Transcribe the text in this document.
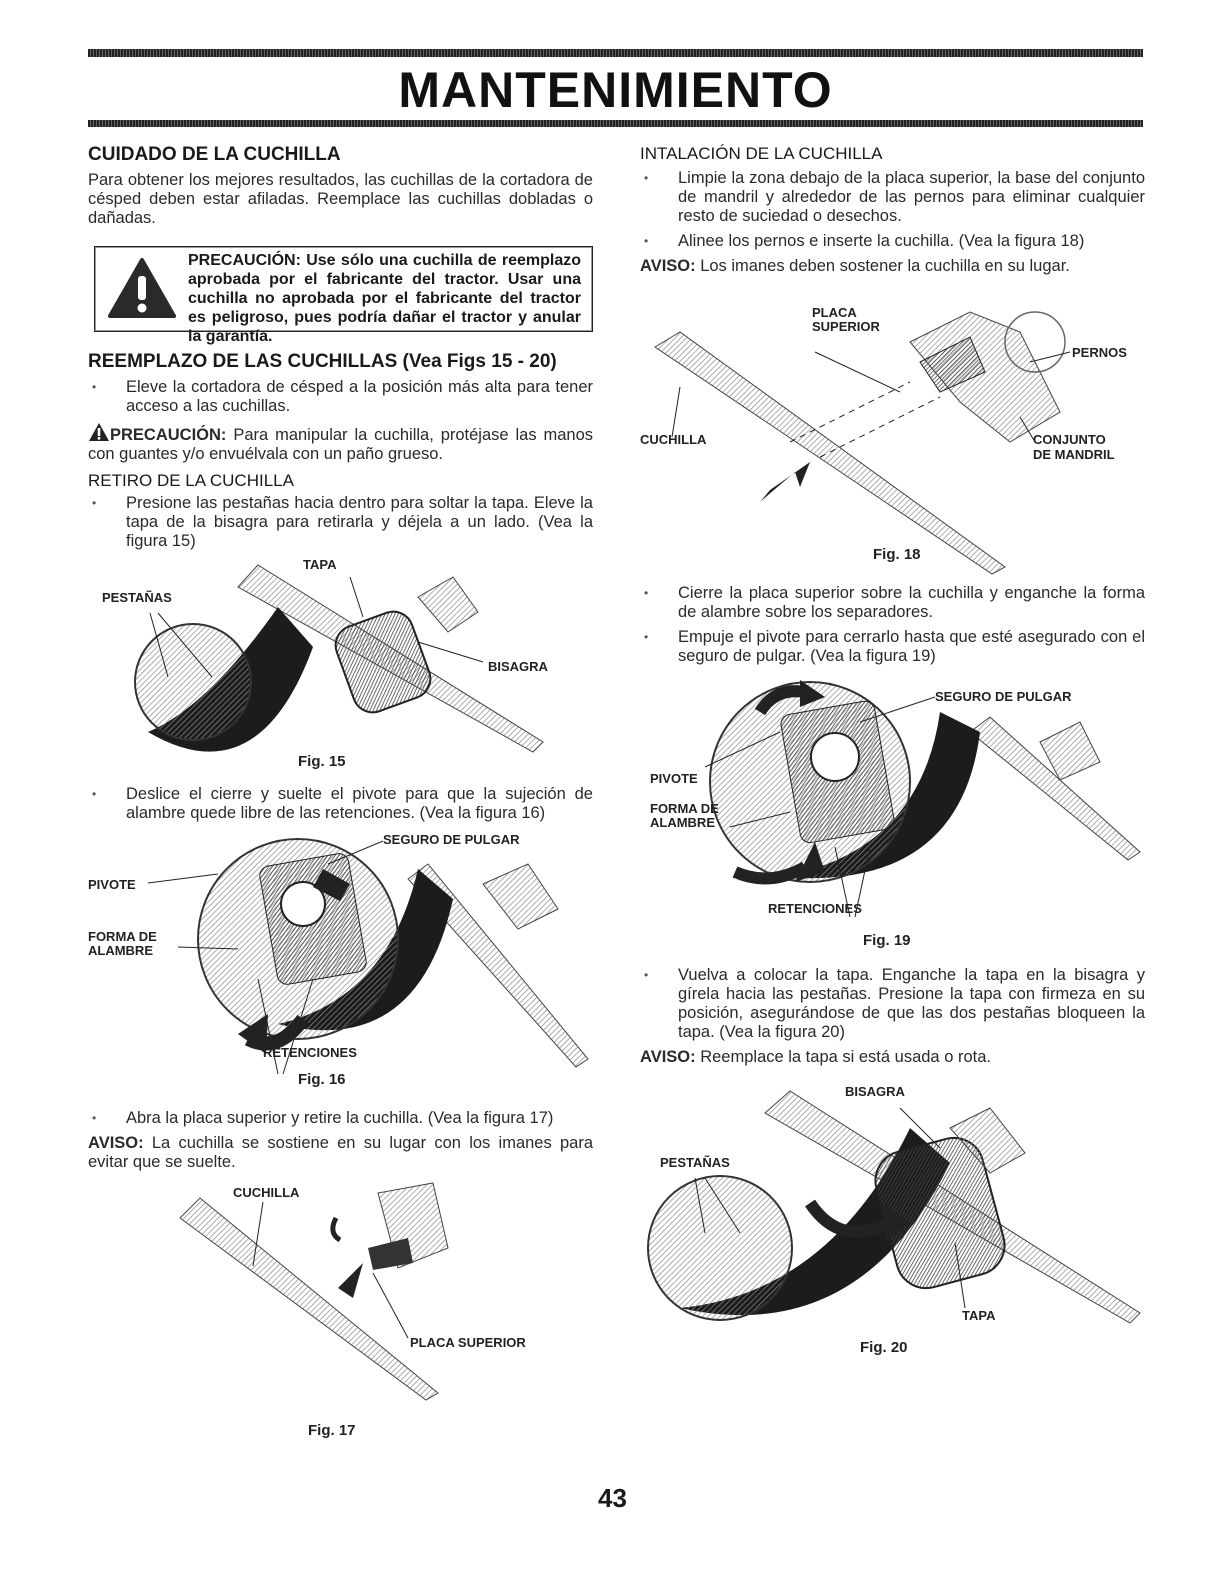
MANTENIMIENTO
CUIDADO DE LA CUCHILLA

Para obtener los mejores resultados, las cuchillas de la cortadora de césped deben estar afiladas. Reemplace las cuchillas dobladas o dañadas.

PRECAUCIÓN: Use sólo una cuchilla de reemplazo aprobada por el fabricante del tractor. Usar una cuchilla no aprobada por el fabricante del tractor es peligroso, pues podría dañar el tractor y anular la garantía.
REEMPLAZO DE LAS CUCHILLAS (Vea Figs 15 - 20)
• Eleve la cortadora de césped a la posición más alta para tener acceso a las cuchillas.

PRECAUCIÓN: Para manipular la cuchilla, protéjase las manos con guantes y/o envuélvala con un paño grueso.

RETIRO DE LA CUCHILLA
• Presione las pestañas hacia dentro para soltar la tapa. Eleve la tapa de la bisagra para retirarla y déjela a un lado. (Vea la figura 15)
TAPA
PESTAÑAS
BISAGRA
Fig. 15
• Deslice el cierre y suelte el pivote para que la sujeción de alambre quede libre de las retenciones. (Vea la figura 16)
SEGURO DE PULGAR
PIVOTE
FORMA DE
ALAMBRE
RETENCIONES
Fig. 16
• Abra la placa superior y retire la cuchilla. (Vea la figura 17)

AVISO: La cuchilla se sostiene en su lugar con los imanes para evitar que se suelte.

CUCHILLA
PLACA SUPERIOR
Fig. 17
INTALACIÓN DE LA CUCHILLA
• Limpie la zona debajo de la placa superior, la base del conjunto de mandril y alrededor de las pernos para eliminar cualquier resto de suciedad o desechos.
• Alinee los pernos e inserte la cuchilla. (Vea la figura 18)

AVISO: Los imanes deben sostener la cuchilla en su lugar.

PLACA
SUPERIOR
PERNOS
CUCHILLA	CONJUNTO
DE MANDRIL
Fig. 18
• Cierre la placa superior sobre la cuchilla y enganche la forma de alambre sobre los separadores.
• Empuje el pivote para cerrarlo hasta que esté asegurado con el seguro de pulgar. (Vea la figura 19)
SEGURO DE PULGAR
PIVOTE
FORMA DE
ALAMBRE
RETENCIONES
Fig. 19
• Vuelva a colocar la tapa. Enganche la tapa en la bisagra y gírela hacia las pestañas. Presione la tapa con firmeza en su posición, asegurándose de que las dos pestañas bloqueen la tapa. (Vea la figura 20)

AVISO: Reemplace la tapa si está usada o rota.

BISAGRA
PESTAÑAS
TAPA
Fig. 20
43
